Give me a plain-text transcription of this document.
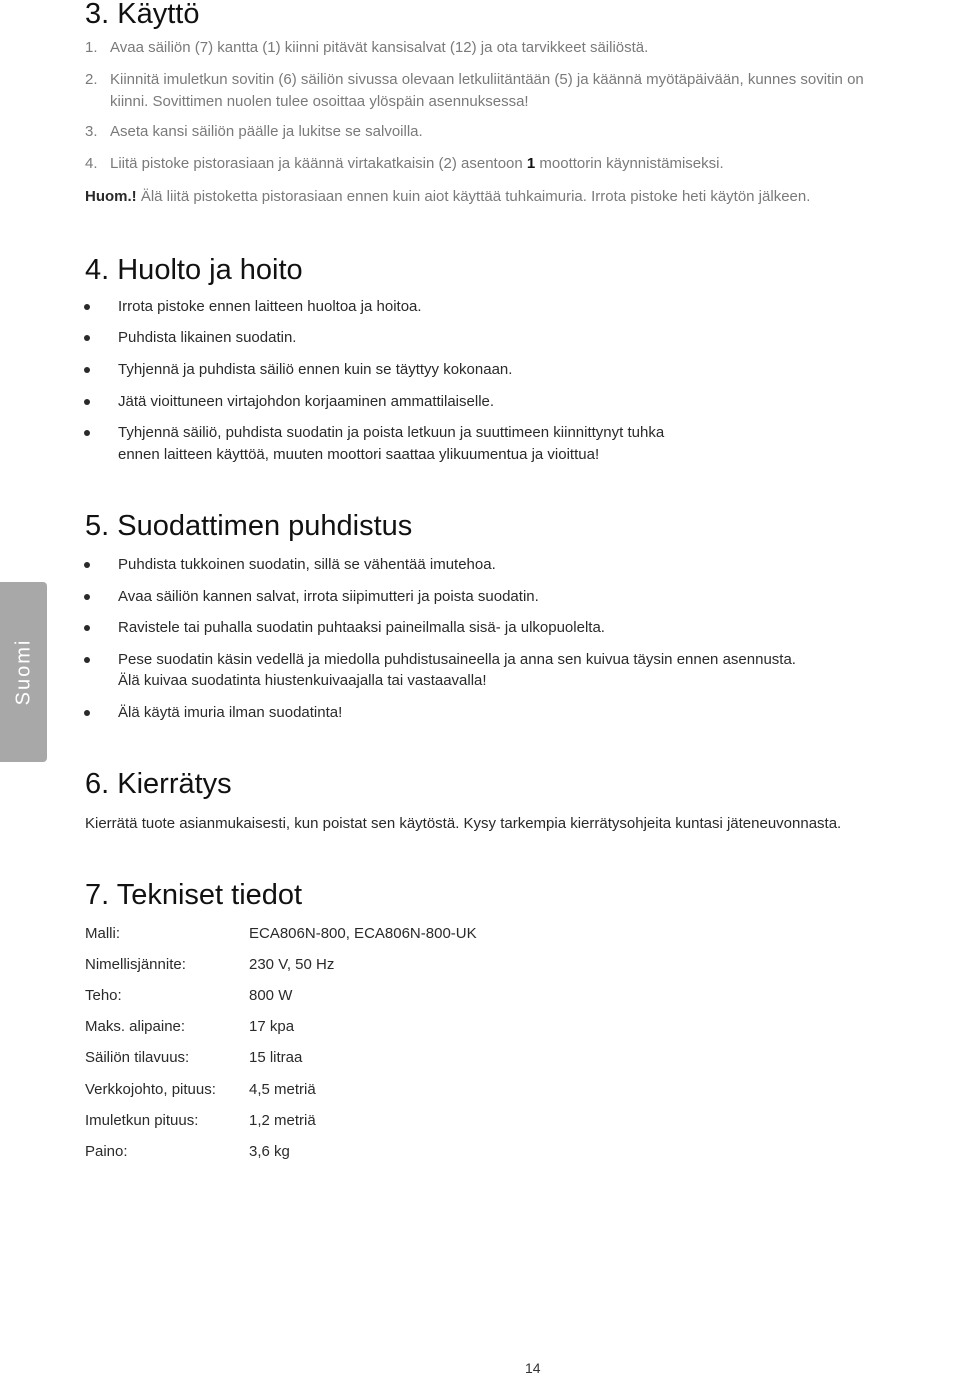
Suomi
3. Käyttö
1. Avaa säiliön (7) kantta (1) kiinni pitävät kansisalvat (12) ja ota tarvikkeet säiliöstä.
2. Kiinnitä imuletkun sovitin (6) säiliön sivussa olevaan letkuliitäntään (5) ja käännä myötäpäivään, kunnes sovitin on
kiinni. Sovittimen nuolen tulee osoittaa ylöspäin asennuksessa!
3. Aseta kansi säiliön päälle ja lukitse se salvoilla.
4. Liitä pistoke pistorasiaan ja käännä virtakatkaisin (2) asentoon 1 moottorin käynnistämiseksi.
Huom.! Älä liitä pistoketta pistorasiaan ennen kuin aiot käyttää tuhkaimuria. Irrota pistoke heti käytön jälkeen.
4. Huolto ja hoito
Irrota pistoke ennen laitteen huoltoa ja hoitoa.
Puhdista likainen suodatin.
Tyhjennä ja puhdista säiliö ennen kuin se täyttyy kokonaan.
Jätä vioittuneen virtajohdon korjaaminen ammattilaiselle.
Tyhjennä säiliö, puhdista suodatin ja poista letkuun ja suuttimeen kiinnittynyt tuhka
ennen laitteen käyttöä, muuten moottori saattaa ylikuumentua ja vioittua!
5. Suodattimen puhdistus
Puhdista tukkoinen suodatin, sillä se vähentää imutehoa.
Avaa säiliön kannen salvat, irrota siipimutteri ja poista suodatin.
Ravistele tai puhalla suodatin puhtaaksi paineilmalla sisä- ja ulkopuolelta.
Pese suodatin käsin vedellä ja miedolla puhdistusaineella ja anna sen kuivua täysin ennen asennusta.
Älä kuivaa suodatinta hiustenkuivaajalla tai vastaavalla!
Älä käytä imuria ilman suodatinta!
6. Kierrätys
Kierrätä tuote asianmukaisesti, kun poistat sen käytöstä. Kysy tarkempia kierrätysohjeita kuntasi jäteneuvonnasta.
7. Tekniset tiedot
Malli:	ECA806N-800, ECA806N-800-UK
Nimellisjännite:	230 V, 50 Hz
Teho:	800 W
Maks. alipaine:	17 kpa
Säiliön tilavuus:	15 litraa
Verkkojohto, pituus: 4,5 metriä
Imuletkun pituus:	1,2 metriä
Paino:	3,6 kg
14
